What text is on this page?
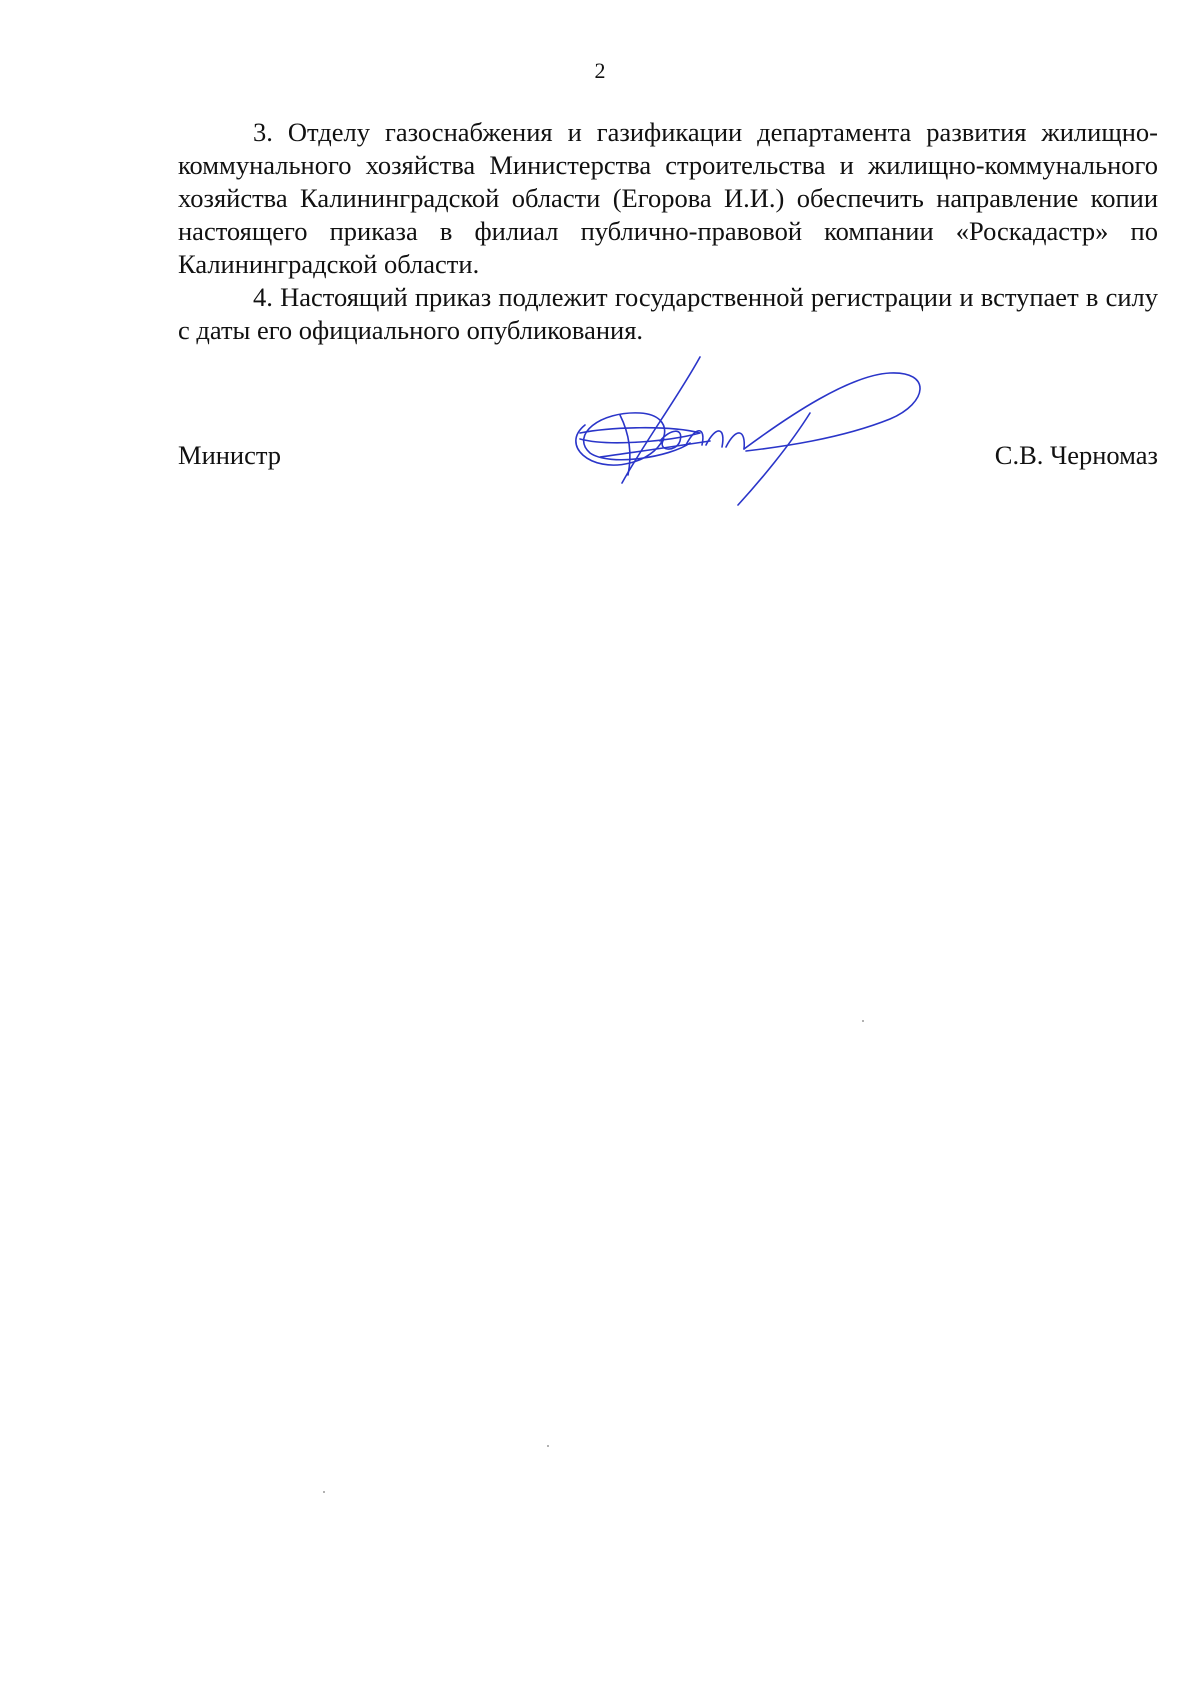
2

3. Отделу газоснабжения и газификации департамента развития жилищно-коммунального хозяйства Министерства строительства и жилищно-коммунального хозяйства Калининградской области (Егорова И.И.) обеспечить направление копии настоящего приказа в филиал публично-правовой компании «Роскадастр» по Калининградской области.

4. Настоящий приказ подлежит государственной регистрации и вступает в силу с даты его официального опубликования.

Министр	С.В. Черномаз
